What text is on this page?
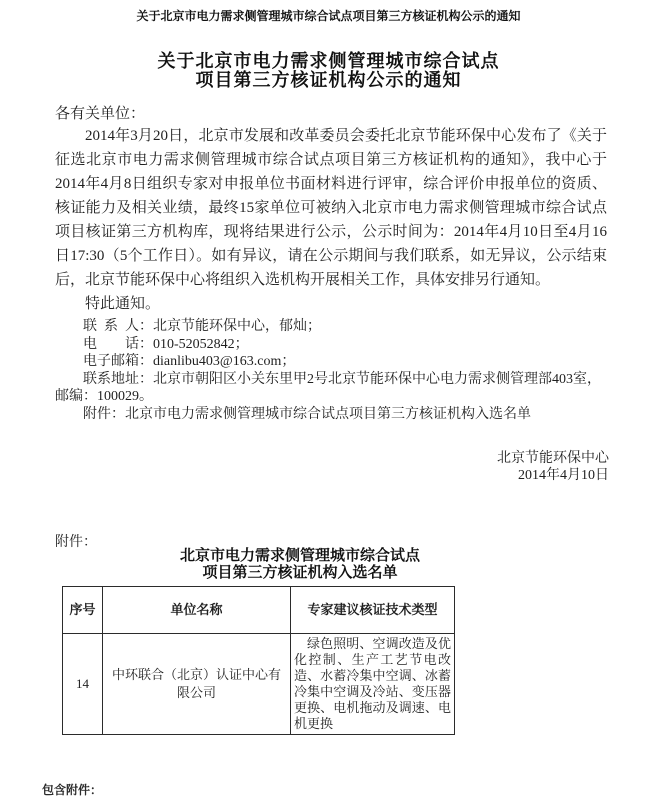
关于北京市电力需求侧管理城市综合试点项目第三方核证机构公示的通知
关于北京市电力需求侧管理城市综合试点
项目第三方核证机构公示的通知
各有关单位：

2014年3月20日，北京市发展和改革委员会委托北京节能环保中心发布了《关于征选北京市电力需求侧管理城市综合试点项目第三方核证机构的通知》，我中心于2014年4月8日组织专家对申报单位书面材料进行评审，综合评价申报单位的资质、核证能力及相关业绩，最终15家单位可被纳入北京市电力需求侧管理城市综合试点项目核证第三方机构库，现将结果进行公示，公示时间为：2014年4月10日至4月16日17:30（5个工作日）。如有异议，请在公示期间与我们联系，如无异议，公示结束后，北京节能环保中心将组织入选机构开展相关工作，具体安排另行通知。

特此通知。

联 系 人：北京节能环保中心，郁灿；
电　　话：010-52052842；
电子邮箱：dianlibu403@163.com；
联系地址：北京市朝阳区小关东里甲2号北京节能环保中心电力需求侧管理部403室，邮编：100029。
附件：北京市电力需求侧管理城市综合试点项目第三方核证机构入选名单
北京节能环保中心
2014年4月10日
附件：
北京市电力需求侧管理城市综合试点
项目第三方核证机构入选名单
序号	单位名称	专家建议核证技术类型
14	中环联合（北京）认证中心有限公司	绿色照明、空调改造及优化控制、生产工艺节电改造、水蓄冷集中空调、冰蓄冷集中空调及冷站、变压器更换、电机拖动及调速、电机更换
包含附件：
